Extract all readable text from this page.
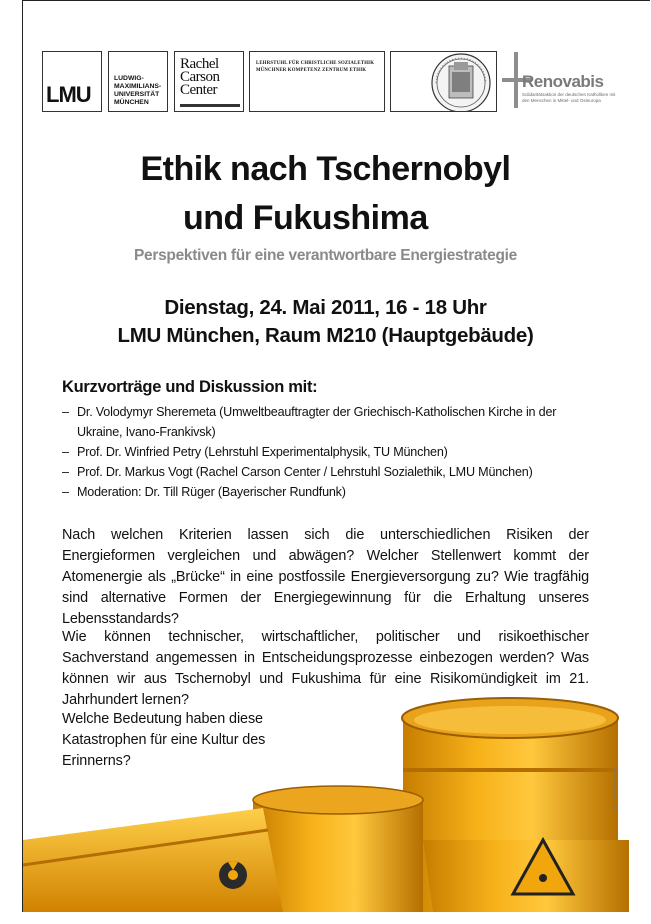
LMU
LUDWIG-
MAXIMILIANS-
UNIVERSITÄT
MÜNCHEN
Rachel
Carson
Center
LEHRSTUHL FÜR CHRISTLICHE SOZIALETHIK MÜNCHNER KOMPETENZ ZENTRUM ETHIK
Renovabis
Solidaritätsaktion der deutschen Katholiken mit den Menschen in Mittel- und Osteuropa
Ethik nach Tschernobyl
und Fukushima
Perspektiven für eine verantwortbare Energiestrategie
Dienstag, 24. Mai 2011, 16 - 18 Uhr
LMU München, Raum M210 (Hauptgebäude)
Kurzvorträge und Diskussion mit:
– Dr. Volodymyr Sheremeta (Umweltbeauftragter der Griechisch-Katholischen Kirche in der Ukraine, Ivano-Frankivsk)
– Prof. Dr. Winfried Petry (Lehrstuhl Experimentalphysik, TU München)
– Prof. Dr. Markus Vogt (Rachel Carson Center / Lehrstuhl Sozialethik, LMU München)
– Moderation: Dr. Till Rüger (Bayerischer Rundfunk)
Nach welchen Kriterien lassen sich die unterschiedlichen Risiken der Energieformen vergleichen und abwägen? Welcher Stellenwert kommt der Atomenergie als „Brücke“ in eine postfossile Energieversorgung zu? Wie tragfähig sind alternative Formen der Energiegewinnung für die Erhaltung unseres Lebensstandards?
Wie können technischer, wirtschaftlicher, politischer und risikoethischer Sachverstand angemessen in Entscheidungsprozesse einbezogen werden? Was können wir aus Tschernobyl und Fukushima für eine Risikomündigkeit im 21. Jahrhundert lernen?
Welche Bedeutung haben diese Katastrophen für eine Kultur des Erinnerns?
©Bild Kalle Rosenberg
